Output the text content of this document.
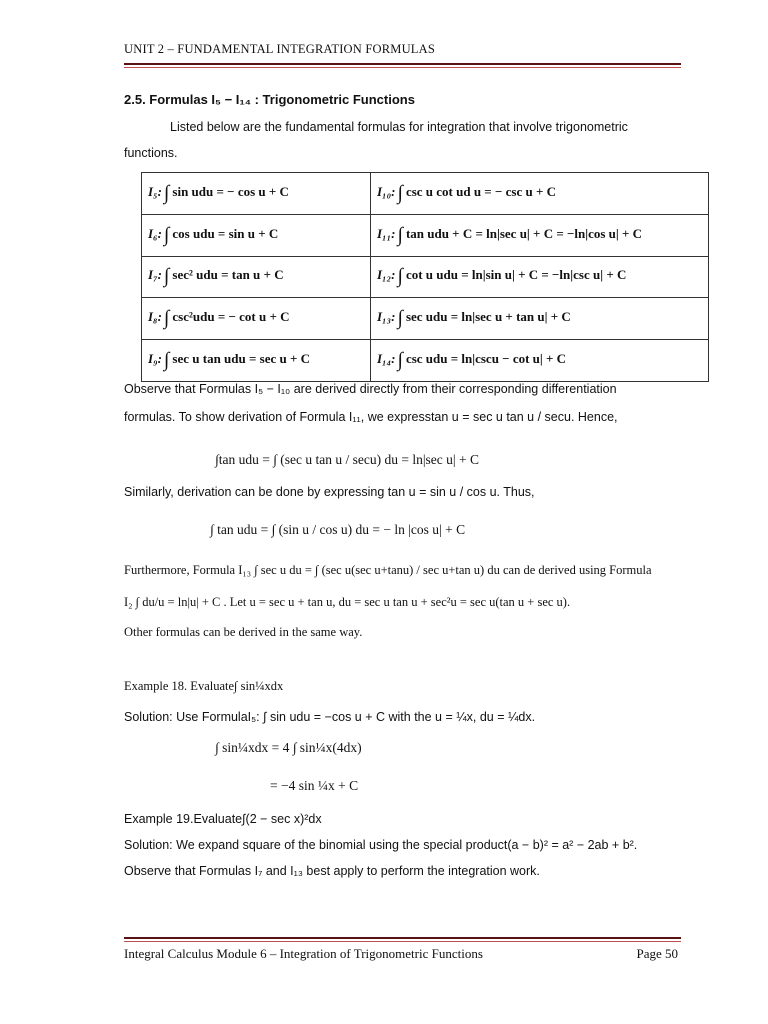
UNIT 2 – FUNDAMENTAL INTEGRATION FORMULAS
2.5. Formulas I₅ − I₁₄ : Trigonometric Functions
Listed below are the fundamental formulas for integration that involve trigonometric
functions.
I₅: ∫ sin udu = − cos u + C	I₁₀: ∫ csc u cot ud u = − csc u + C
I₆: ∫ cos udu = sin u + C	I₁₁: ∫ tan udu + C = ln|sec u| + C = −ln|cos u| + C
I₇: ∫ sec² udu = tan u + C	I₁₂: ∫ cot u udu = ln|sin u| + C = −ln|csc u| + C
I₈: ∫ csc²udu = − cot u + C	I₁₃: ∫ sec udu = ln|sec u + tan u| + C
I₉: ∫ sec u tan udu = sec u + C	I₁₄: ∫ csc udu = ln|cscu − cot u| + C
Observe that Formulas I₅ − I₁₀ are derived directly from their corresponding differentiation
formulas. To show derivation of Formula I₁₁, we expresstan u = sec u tan u / secu. Hence,
∫tan udu = ∫ (sec u tan u / secu) du = ln|sec u| + C
Similarly, derivation can be done by expressing tan u = sin u / cos u. Thus,
∫ tan udu = ∫ (sin u / cos u) du = − ln |cos u| + C
Furthermore, Formula I₁₃ ∫ sec u du = ∫ (sec u(sec u+tanu) / sec u+tan u) du can de derived using Formula
I₂ ∫ du/u = ln|u| + C . Let u = sec u + tan u, du = sec u tan u + sec²u = sec u(tan u + sec u).
Other formulas can be derived in the same way.
Example 18. Evaluate∫ sin¼xdx
Solution: Use FormulaI₅: ∫ sin udu = −cos u + C with the u = ¼x, du = ¼dx.
∫ sin¼xdx = 4 ∫ sin¼x(4dx)
= −4 sin ¼x + C
Example 19.Evaluate∫(2 − sec x)²dx
Solution: We expand square of the binomial using the special product(a − b)² = a² − 2ab + b².
Observe that Formulas I₇ and I₁₃ best apply to perform the integration work.
Integral Calculus Module 6 – Integration of Trigonometric Functions	Page 50
